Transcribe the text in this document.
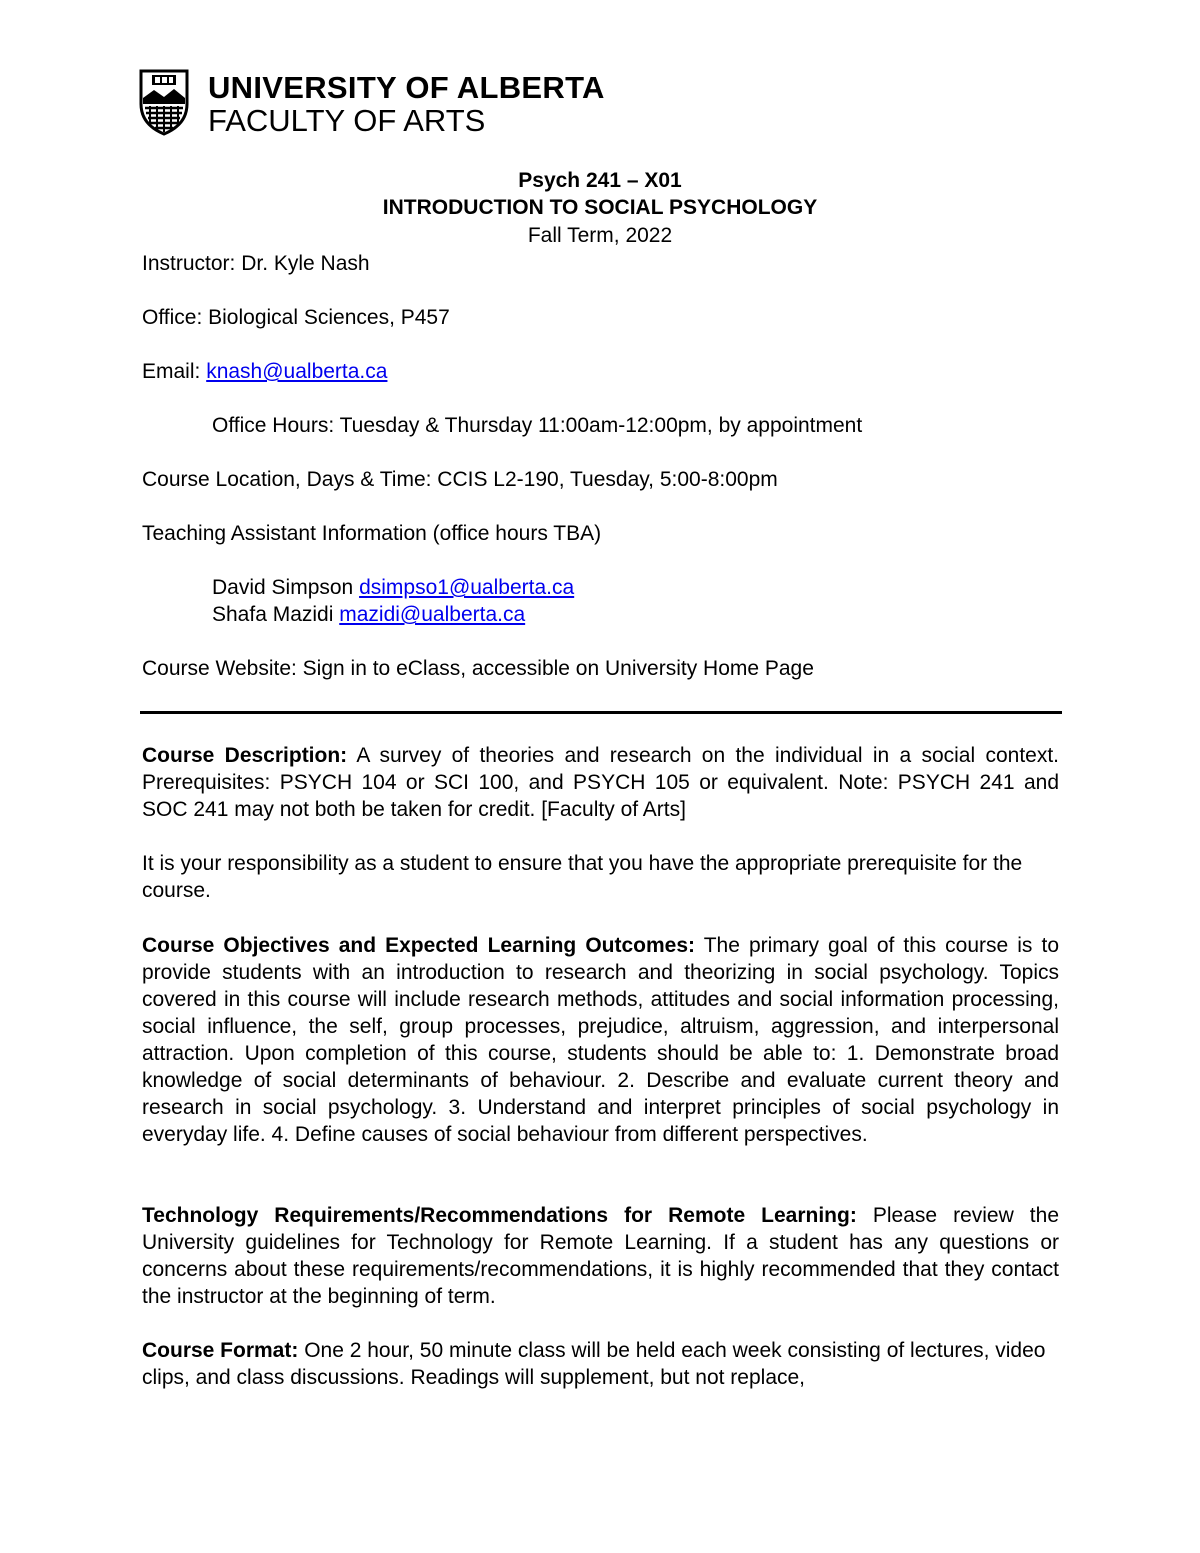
UNIVERSITY OF ALBERTA
FACULTY OF ARTS
Psych 241 – X01
INTRODUCTION TO SOCIAL PSYCHOLOGY
Fall Term, 2022
Instructor: Dr. Kyle Nash
Office: Biological Sciences, P457
Email: knash@ualberta.ca
Office Hours: Tuesday & Thursday 11:00am-12:00pm, by appointment
Course Location, Days & Time: CCIS L2-190, Tuesday, 5:00-8:00pm
Teaching Assistant Information (office hours TBA)
David Simpson dsimpso1@ualberta.ca
Shafa Mazidi mazidi@ualberta.ca
Course Website: Sign in to eClass, accessible on University Home Page

Course Description: A survey of theories and research on the individual in a social context. Prerequisites: PSYCH 104 or SCI 100, and PSYCH 105 or equivalent. Note: PSYCH 241 and SOC 241 may not both be taken for credit. [Faculty of Arts]

It is your responsibility as a student to ensure that you have the appropriate prerequisite for the course.

Course Objectives and Expected Learning Outcomes: The primary goal of this course is to provide students with an introduction to research and theorizing in social psychology. Topics covered in this course will include research methods, attitudes and social information processing, social influence, the self, group processes, prejudice, altruism, aggression, and interpersonal attraction. Upon completion of this course, students should be able to: 1. Demonstrate broad knowledge of social determinants of behaviour. 2. Describe and evaluate current theory and research in social psychology. 3. Understand and interpret principles of social psychology in everyday life. 4. Define causes of social behaviour from different perspectives.

Technology Requirements/Recommendations for Remote Learning: Please review the University guidelines for Technology for Remote Learning. If a student has any questions or concerns about these requirements/recommendations, it is highly recommended that they contact the instructor at the beginning of term.

Course Format: One 2 hour, 50 minute class will be held each week consisting of lectures, video clips, and class discussions. Readings will supplement, but not replace,
